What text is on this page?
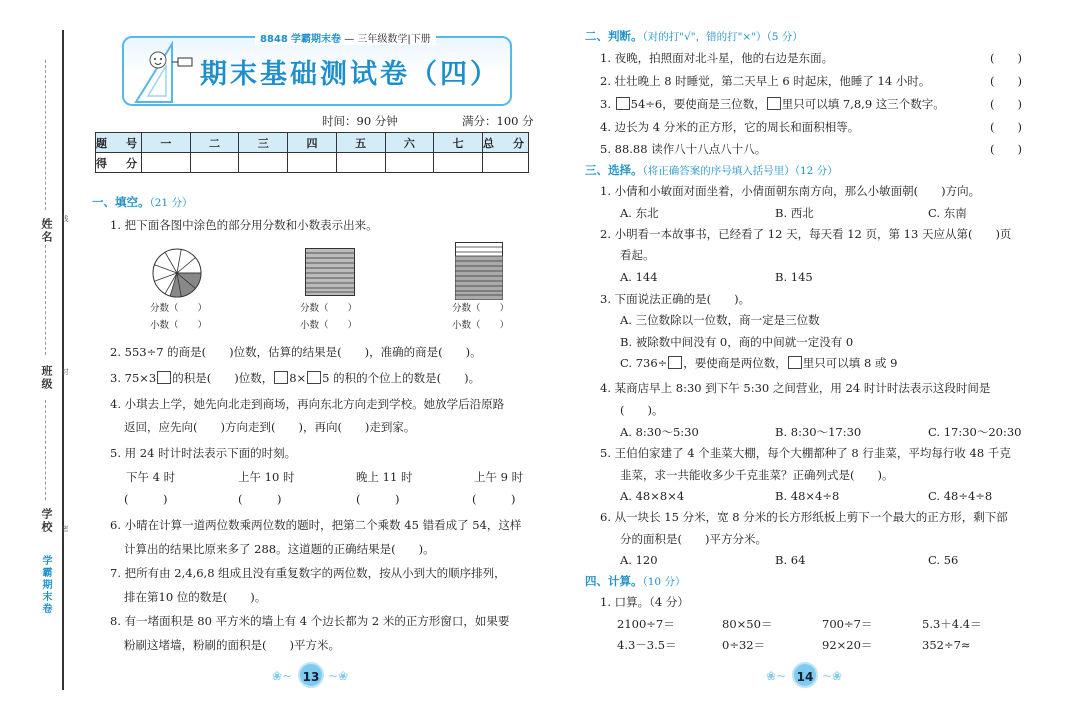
姓名
班级
学校
学霸期末卷
线
封
密
8848 学霸期末卷 — 三年级数学|下册
期末基础测试卷（四）
时间：90 分钟	满分：100 分
题　号	一	二	三	四	五	六	七	总　分
得　分								
一、填空。（21 分）
1. 把下面各图中涂色的部分用分数和小数表示出来。
分数（　　）
小数（　　）
分数（　　）
小数（　　）
分数（　　）
小数（　　）
2. 553÷7 的商是(　　)位数，估算的结果是(　　)，准确的商是(　　)。
3. 75×3 的积是(　　)位数， 8× 5 的积的个位上的数是(　　)。
4. 小琪去上学，她先向北走到商场，再向东北方向走到学校。她放学后沿原路
返回，应先向(　　)方向走到(　　)，再向(　　)走到家。
5. 用 24 时计时法表示下面的时刻。
下午 4 时	上午 10 时	晚上 11 时	上午 9 时
(　　　)	(　　　)	(　　　)	(　　　)
6. 小晴在计算一道两位数乘两位数的题时，把第二个乘数 45 错看成了 54，这样
计算出的结果比原来多了 288。这道题的正确结果是(　　)。
7. 把所有由 2,4,6,8 组成且没有重复数字的两位数，按从小到大的顺序排列，
排在第10 位的数是(　　)。
8. 有一堵面积是 80 平方米的墙上有 4 个边长都为 2 米的正方形窗口，如果要
粉刷这堵墙，粉刷的面积是(　　)平方米。
❀~ 13 ~❀
二、判断。（对的打"√"，错的打"×"）（5 分）
1. 夜晚，拍照面对北斗星，他的右边是东面。	(　　)
2. 壮壮晚上 8 时睡觉，第二天早上 6 时起床，他睡了 14 小时。	(　　)
3. 54÷6，要使商是三位数， 里只可以填 7,8,9 这三个数字。	(　　)
4. 边长为 4 分米的正方形，它的周长和面积相等。	(　　)
5. 88.88 读作八十八点八十八。	(　　)
三、选择。（将正确答案的序号填入括号里）（12 分）
1. 小倩和小敏面对面坐着，小倩面朝东南方向，那么小敏面朝(　　)方向。
A. 东北	B. 西北	C. 东南
2. 小明看一本故事书，已经看了 12 天，每天看 12 页，第 13 天应从第(　　)页
看起。
A. 144	B. 145
3. 下面说法正确的是(　　)。
A. 三位数除以一位数，商一定是三位数
B. 被除数中间没有 0，商的中间就一定没有 0
C. 736÷ ，要使商是两位数， 里只可以填 8 或 9
4. 某商店早上 8:30 到下午 5:30 之间营业，用 24 时计时法表示这段时间是
(　　)。
A. 8:30～5:30	B. 8:30～17:30	C. 17:30～20:30
5. 王伯伯家建了 4 个韭菜大棚，每个大棚都种了 8 行韭菜，平均每行收 48 千克
韭菜，求一共能收多少千克韭菜？正确列式是(　　)。
A. 48×8×4	B. 48×4÷8	C. 48÷4÷8
6. 从一块长 15 分米，宽 8 分米的长方形纸板上剪下一个最大的正方形，剩下部
分的面积是(　　)平方分米。
A. 120	B. 64	C. 56
四、计算。（10 分）
1. 口算。（4 分）
2100÷7＝	80×50＝	700÷7＝	5.3＋4.4＝
4.3－3.5＝	0÷32＝	92×20＝	352÷7≈
❀~ 14 ~❀
